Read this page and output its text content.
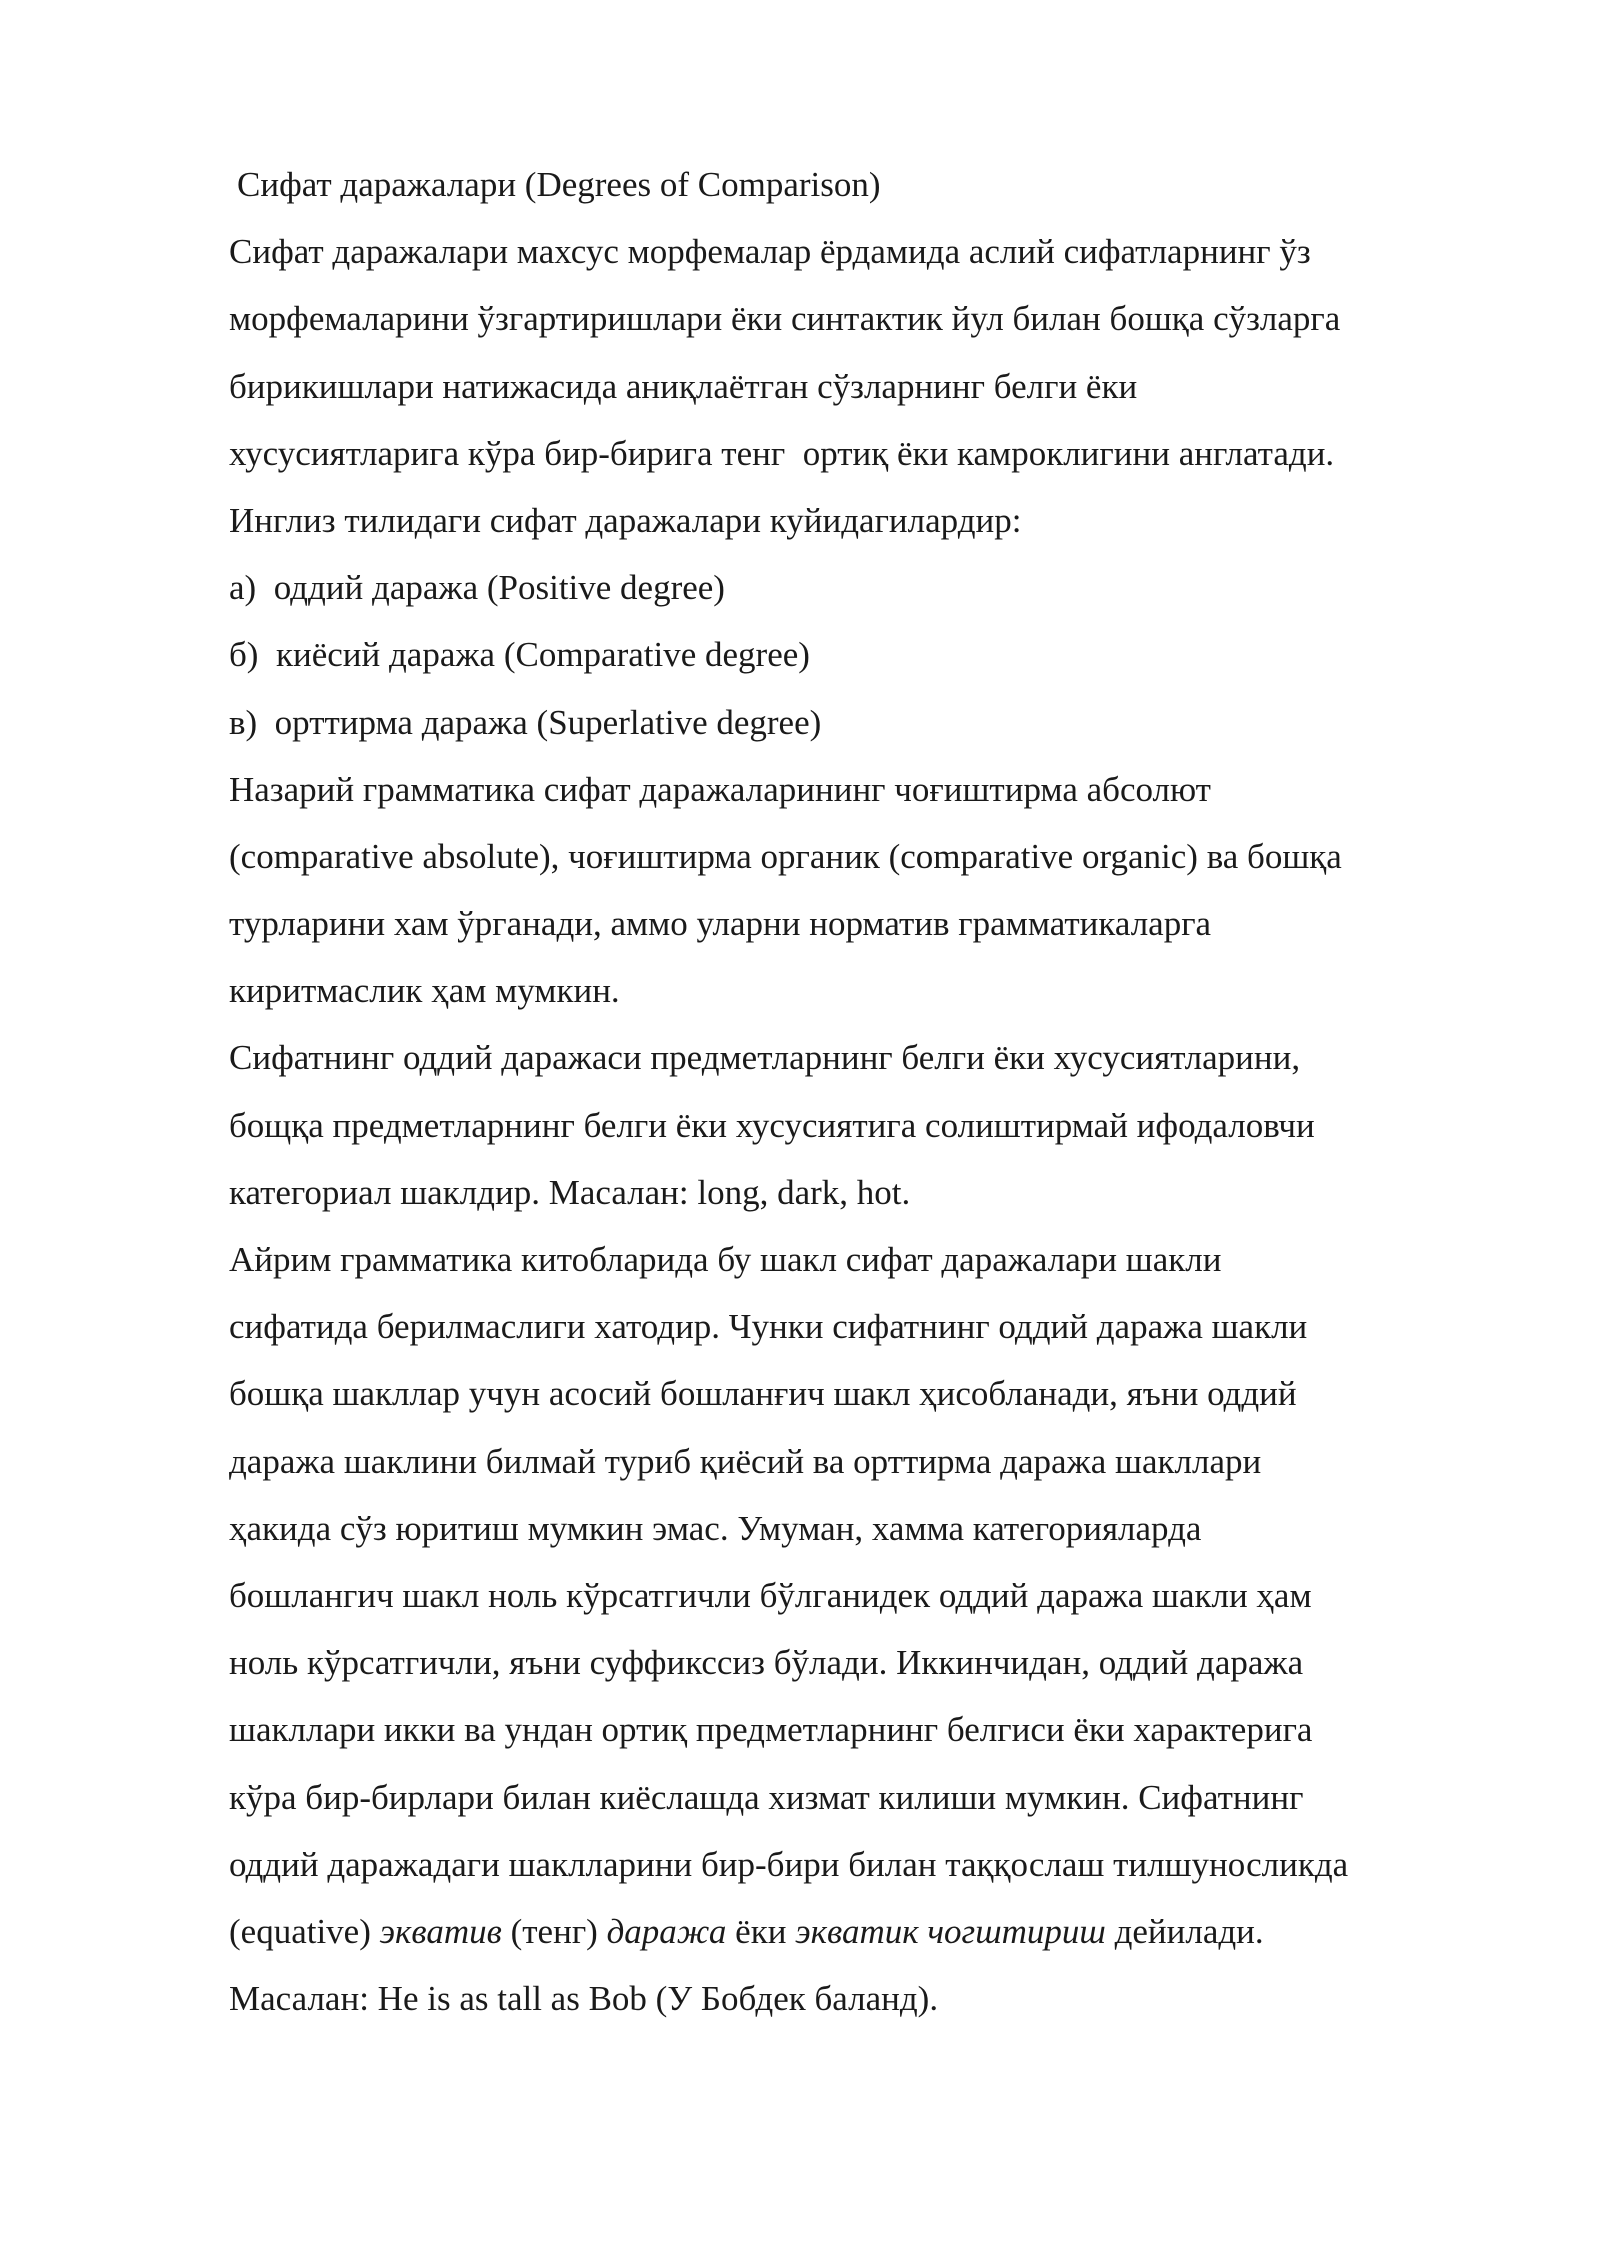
Сифат даражалари (Degrees of Comparison)
Сифат даражалари махсус морфемалар ёрдамида аслий сифатларнинг ўз
морфемаларини ўзгартиришлари ёки синтактик йул билан бошқа сўзларга
бирикишлари натижасида аниқлаётган сўзларнинг белги ёки
хусусиятларига кўра бир-бирига тенг  ортиқ ёки камроклигини англатади.
Инглиз тилидаги сифат даражалари куйидагилардир:
а)  оддий даража (Positive degree)
б)  киёсий даража (Comparative degree)
в)  орттирма даража (Superlative degree)
Назарий грамматика сифат даражаларининг чоғиштирма абсолют
(comparative absolute), чоғиштирма органик (comparative organic) ва бошқа
турларини хам ўрганади, аммо уларни норматив грамматикаларга
киритмаслик ҳам мумкин.
Сифатнинг оддий даражаси предметларнинг белги ёки хусусиятларини,
бощқа предметларнинг белги ёки хусусиятига солиштирмай ифодаловчи
категориал шаклдир. Масалан: long, dark, hot.
Айрим грамматика китобларида бу шакл сифат даражалари шакли
сифатида берилмаслиги хатодир. Чунки сифатнинг оддий даража шакли
бошқа шакллар учун асосий бошланғич шакл ҳисобланади, яъни оддий
даража шаклини билмай туриб қиёсий ва орттирма даража шакллари
ҳакида сўз юритиш мумкин эмас. Умуман, хамма категорияларда
бошлангич шакл ноль кўрсатгичли бўлганидек оддий даража шакли ҳам
ноль кўрсатгичли, яъни суффикссиз бўлади. Иккинчидан, оддий даража
шакллари икки ва ундан ортиқ предметларнинг белгиси ёки характерига
кўра бир-бирлари билан киёслашда хизмат килиши мумкин. Сифатнинг
оддий даражадаги шаклларини бир-бири билан таққослаш тилшуносликда
(equative) экватив (тенг) даража ёки экватик чогштириш дейилади.
Масалан: He is as tall as Bob (У Бобдек баланд).
